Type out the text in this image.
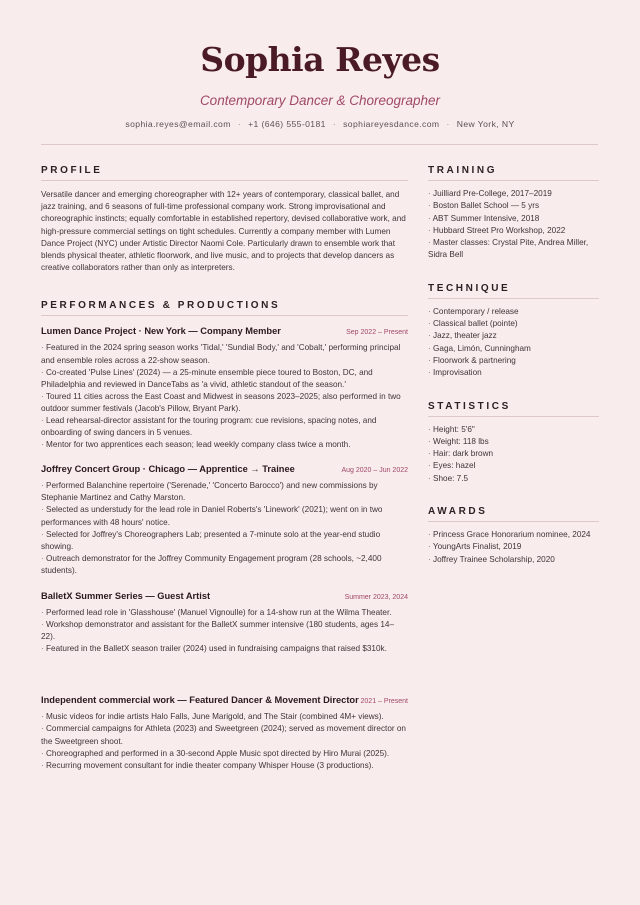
Sophia Reyes
Contemporary Dancer & Choreographer
sophia.reyes@email.com · +1 (646) 555-0181 · sophiareyesdance.com · New York, NY
PROFILE

Versatile dancer and emerging choreographer with 12+ years of contemporary, classical ballet, and jazz training, and 6 seasons of full-time professional company work. Strong improvisational and choreographic instincts; equally comfortable in established repertory, devised collaborative work, and high-pressure commercial settings on tight schedules. Currently a company member with Lumen Dance Project (NYC) under Artistic Director Naomi Cole. Particularly drawn to ensemble work that blends physical theater, athletic floorwork, and live music, and to projects that develop dancers as creative collaborators rather than only as interpreters.

PERFORMANCES & PRODUCTIONS
Lumen Dance Project · New York — Company Member	Sep 2022 – Present
· Featured in the 2024 spring season works 'Tidal,' 'Sundial Body,' and 'Cobalt,' performing principal and ensemble roles across a 22-show season.
· Co-created 'Pulse Lines' (2024) — a 25-minute ensemble piece toured to Boston, DC, and Philadelphia and reviewed in DanceTabs as 'a vivid, athletic standout of the season.'
· Toured 11 cities across the East Coast and Midwest in seasons 2023–2025; also performed in two outdoor summer festivals (Jacob's Pillow, Bryant Park).
· Lead rehearsal-director assistant for the touring program: cue revisions, spacing notes, and onboarding of swing dancers in 5 venues.
· Mentor for two apprentices each season; lead weekly company class twice a month.
Joffrey Concert Group · Chicago — Apprentice → Trainee	Aug 2020 – Jun 2022
· Performed Balanchine repertoire ('Serenade,' 'Concerto Barocco') and new commissions by Stephanie Martinez and Cathy Marston.
· Selected as understudy for the lead role in Daniel Roberts's 'Linework' (2021); went on in two performances with 48 hours' notice.
· Selected for Joffrey's Choreographers Lab; presented a 7-minute solo at the year-end studio showing.
· Outreach demonstrator for the Joffrey Community Engagement program (28 schools, ~2,400 students).
BalletX Summer Series — Guest Artist	Summer 2023, 2024
· Performed lead role in 'Glasshouse' (Manuel Vignoulle) for a 14-show run at the Wilma Theater.
· Workshop demonstrator and assistant for the BalletX summer intensive (180 students, ages 14–22).
· Featured in the BalletX season trailer (2024) used in fundraising campaigns that raised $310k.
Independent commercial work — Featured Dancer & Movement Director 2021 – Present
· Music videos for indie artists Halo Falls, June Marigold, and The Stair (combined 4M+ views).
· Commercial campaigns for Athleta (2023) and Sweetgreen (2024); served as movement director on the Sweetgreen shoot.
· Choreographed and performed in a 30-second Apple Music spot directed by Hiro Murai (2025).
· Recurring movement consultant for indie theater company Whisper House (3 productions).
TRAINING
· Juilliard Pre-College, 2017–2019
· Boston Ballet School — 5 yrs
· ABT Summer Intensive, 2018
· Hubbard Street Pro Workshop, 2022
· Master classes: Crystal Pite, Andrea Miller, Sidra Bell
TECHNIQUE
· Contemporary / release
· Classical ballet (pointe)
· Jazz, theater jazz
· Gaga, Limón, Cunningham
· Floorwork & partnering
· Improvisation
STATISTICS
· Height: 5'6"
· Weight: 118 lbs
· Hair: dark brown
· Eyes: hazel
· Shoe: 7.5
AWARDS
· Princess Grace Honorarium nominee, 2024
· YoungArts Finalist, 2019
· Joffrey Trainee Scholarship, 2020
